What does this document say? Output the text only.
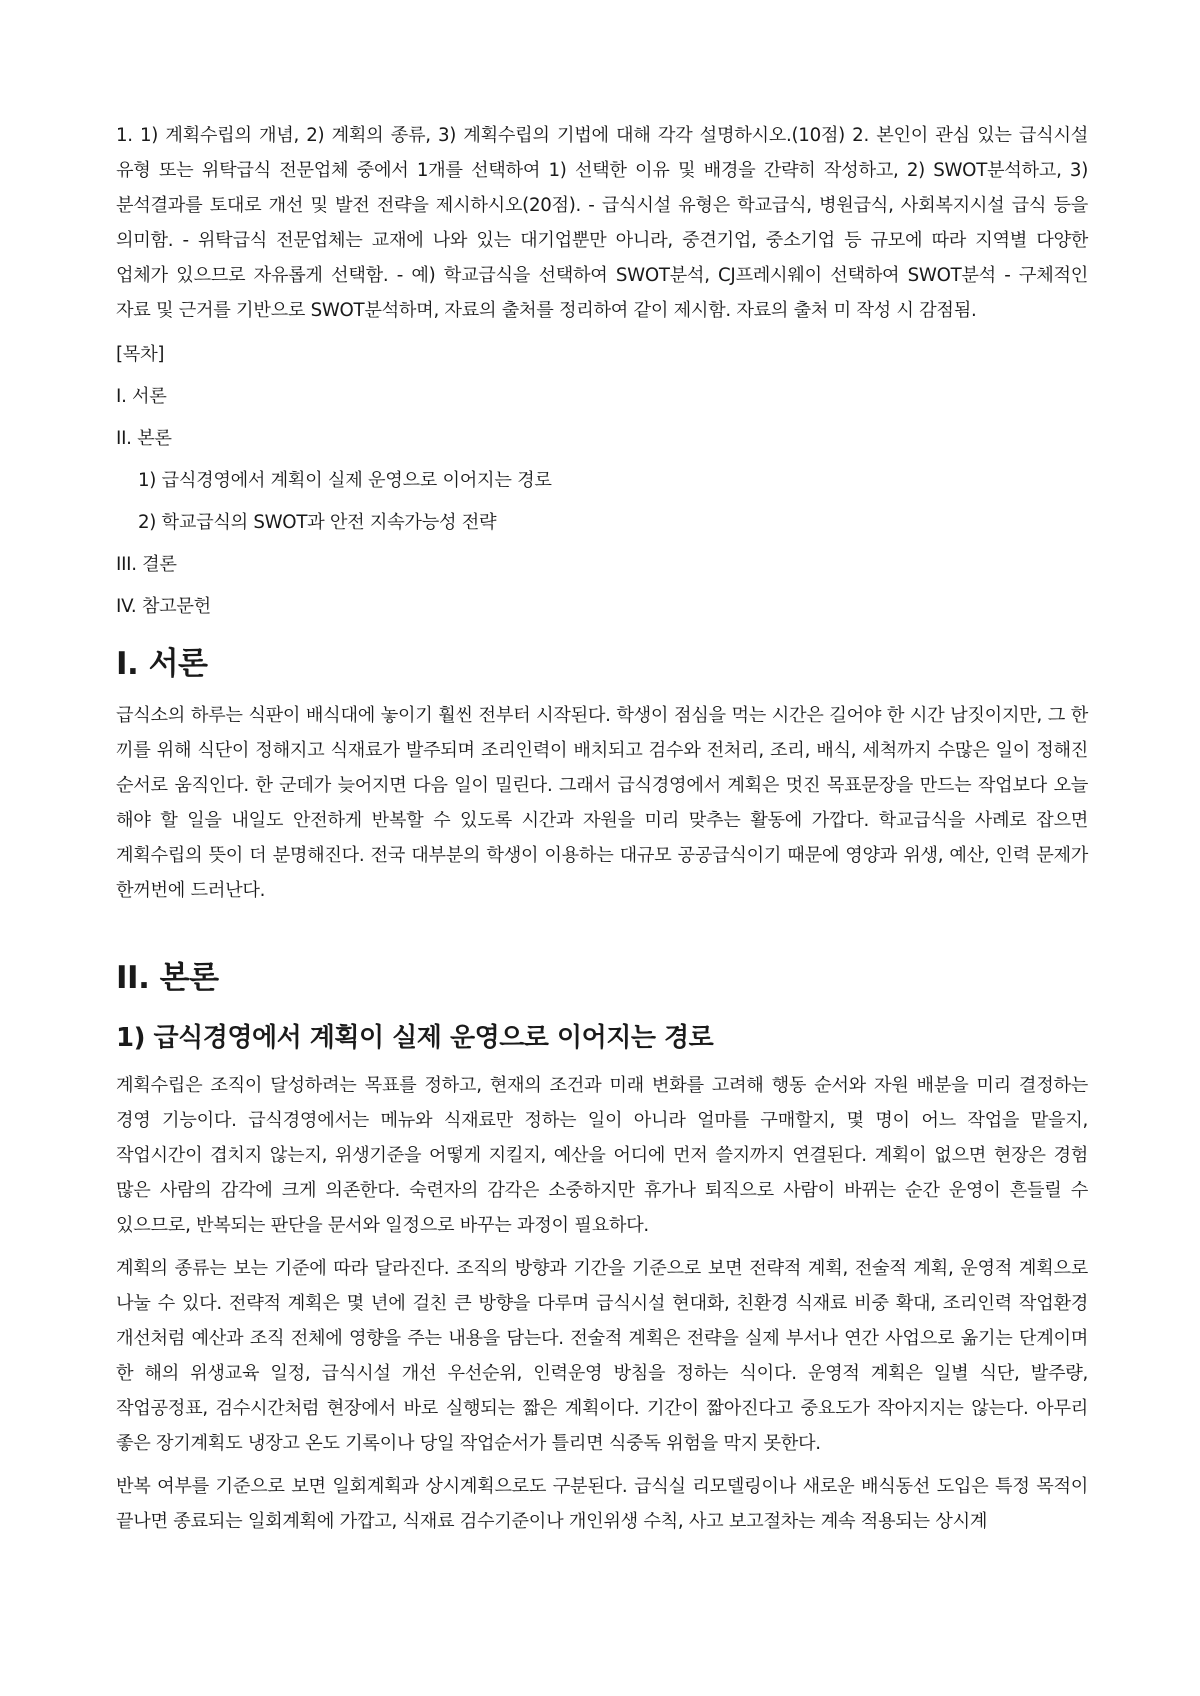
1. 1) 계획수립의 개념, 2) 계획의 종류, 3) 계획수립의 기법에 대해 각각 설명하시오.(10점) 2. 본인이 관심 있는 급식시설 유형 또는 위탁급식 전문업체 중에서 1개를 선택하여 1) 선택한 이유 및 배경을 간략히 작성하고, 2) SWOT분석하고, 3) 분석결과를 토대로 개선 및 발전 전략을 제시하시오(20점). - 급식시설 유형은 학교급식, 병원급식, 사회복지시설 급식 등을 의미함. - 위탁급식 전문업체는 교재에 나와 있는 대기업뿐만 아니라, 중견기업, 중소기업 등 규모에 따라 지역별 다양한 업체가 있으므로 자유롭게 선택함. - 예) 학교급식을 선택하여 SWOT분석, CJ프레시웨이 선택하여 SWOT분석 - 구체적인 자료 및 근거를 기반으로 SWOT분석하며, 자료의 출처를 정리하여 같이 제시함. 자료의 출처 미 작성 시 감점됨.

[목차]

I. 서론

II. 본론

1) 급식경영에서 계획이 실제 운영으로 이어지는 경로

2) 학교급식의 SWOT과 안전 지속가능성 전략

III. 결론

IV. 참고문헌

I. 서론

급식소의 하루는 식판이 배식대에 놓이기 훨씬 전부터 시작된다. 학생이 점심을 먹는 시간은 길어야 한 시간 남짓이지만, 그 한 끼를 위해 식단이 정해지고 식재료가 발주되며 조리인력이 배치되고 검수와 전처리, 조리, 배식, 세척까지 수많은 일이 정해진 순서로 움직인다. 한 군데가 늦어지면 다음 일이 밀린다. 그래서 급식경영에서 계획은 멋진 목표문장을 만드는 작업보다 오늘 해야 할 일을 내일도 안전하게 반복할 수 있도록 시간과 자원을 미리 맞추는 활동에 가깝다. 학교급식을 사례로 잡으면 계획수립의 뜻이 더 분명해진다. 전국 대부분의 학생이 이용하는 대규모 공공급식이기 때문에 영양과 위생, 예산, 인력 문제가 한꺼번에 드러난다.

II. 본론
1) 급식경영에서 계획이 실제 운영으로 이어지는 경로

계획수립은 조직이 달성하려는 목표를 정하고, 현재의 조건과 미래 변화를 고려해 행동 순서와 자원 배분을 미리 결정하는 경영 기능이다. 급식경영에서는 메뉴와 식재료만 정하는 일이 아니라 얼마를 구매할지, 몇 명이 어느 작업을 맡을지, 작업시간이 겹치지 않는지, 위생기준을 어떻게 지킬지, 예산을 어디에 먼저 쓸지까지 연결된다. 계획이 없으면 현장은 경험 많은 사람의 감각에 크게 의존한다. 숙련자의 감각은 소중하지만 휴가나 퇴직으로 사람이 바뀌는 순간 운영이 흔들릴 수 있으므로, 반복되는 판단을 문서와 일정으로 바꾸는 과정이 필요하다.

계획의 종류는 보는 기준에 따라 달라진다. 조직의 방향과 기간을 기준으로 보면 전략적 계획, 전술적 계획, 운영적 계획으로 나눌 수 있다. 전략적 계획은 몇 년에 걸친 큰 방향을 다루며 급식시설 현대화, 친환경 식재료 비중 확대, 조리인력 작업환경 개선처럼 예산과 조직 전체에 영향을 주는 내용을 담는다. 전술적 계획은 전략을 실제 부서나 연간 사업으로 옮기는 단계이며 한 해의 위생교육 일정, 급식시설 개선 우선순위, 인력운영 방침을 정하는 식이다. 운영적 계획은 일별 식단, 발주량, 작업공정표, 검수시간처럼 현장에서 바로 실행되는 짧은 계획이다. 기간이 짧아진다고 중요도가 작아지지는 않는다. 아무리 좋은 장기계획도 냉장고 온도 기록이나 당일 작업순서가 틀리면 식중독 위험을 막지 못한다.

반복 여부를 기준으로 보면 일회계획과 상시계획으로도 구분된다. 급식실 리모델링이나 새로운 배식동선 도입은 특정 목적이 끝나면 종료되는 일회계획에 가깝고, 식재료 검수기준이나 개인위생 수칙, 사고 보고절차는 계속 적용되는 상시계
